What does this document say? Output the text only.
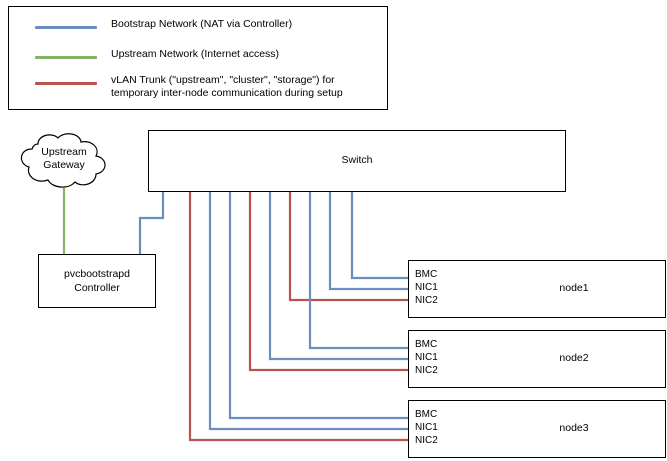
Bootstrap Network (NAT via Controller)
Upstream Network (Internet access)
vLAN Trunk ("upstream", "cluster", "storage") for temporary inter-node communication during setup
Upstream
Gateway	Switch
pvcbootstrapd
Controller
BMC
NIC1
NIC2
node1
BMC
NIC1
NIC2
node2
BMC
NIC1
NIC2
node3
